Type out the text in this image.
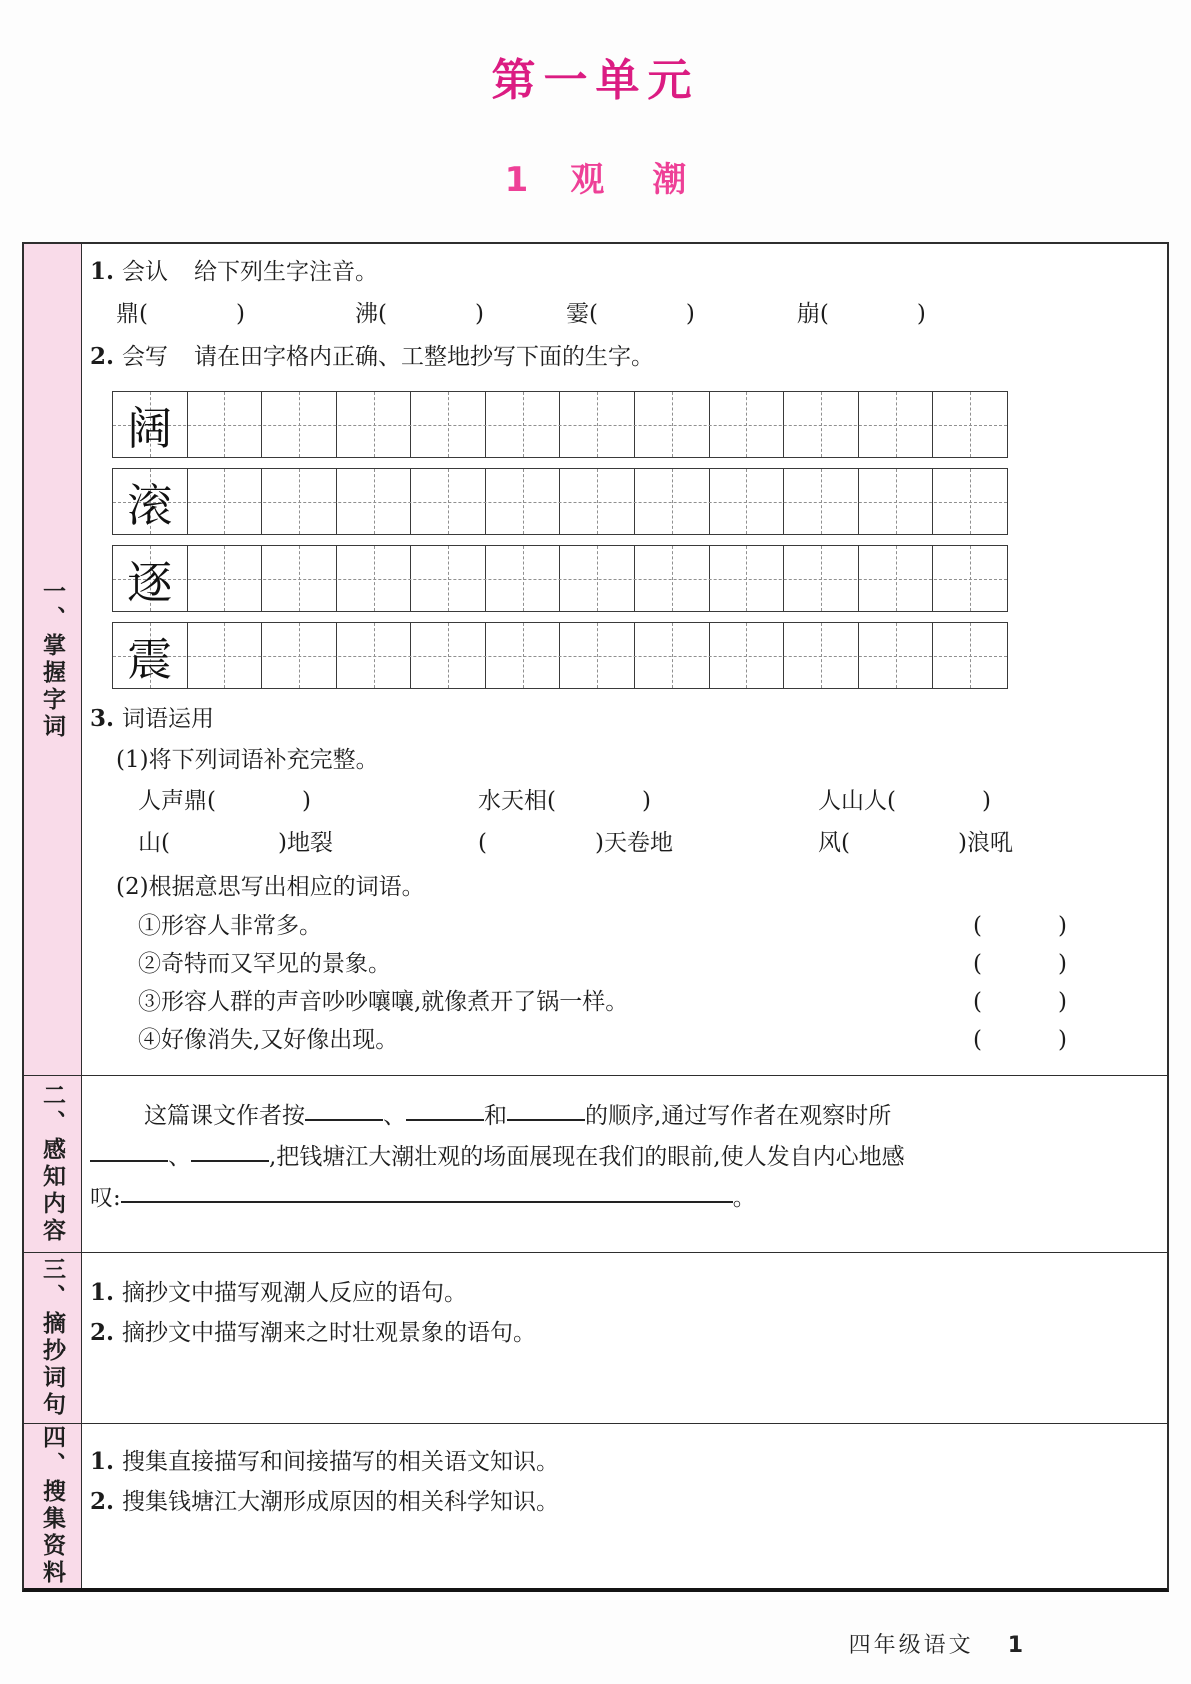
第一单元
1 观潮
一、掌握字词
1. 会认 给下列生字注音。
鼎(	)	沸(	)	霎(	)	崩(	)
2. 会写 请在田字格内正确、工整地抄写下面的生字。
阔
滚
逐
震
3. 词语运用
(1)将下列词语补充完整。
人声鼎(	)	水天相(	)	人山人(	)
山(	)地裂	(	)天卷地	风(	)浪吼
(2)根据意思写出相应的词语。
①形容人非常多。	(	)
②奇特而又罕见的景象。	(	)
③形容人群的声音吵吵嚷嚷,就像煮开了锅一样。	(	)
④好像消失,又好像出现。	(	)
二、感知内容	这篇课文作者按	、	和	的顺序,通过写作者在观察时所
、	,把钱塘江大潮壮观的场面展现在我们的眼前,使人发自内心地感
叹:	。
三、摘抄词句 1. 摘抄文中描写观潮人反应的语句。
2. 摘抄文中描写潮来之时壮观景象的语句。
四、搜集资料 1. 搜集直接描写和间接描写的相关语文知识。
2. 搜集钱塘江大潮形成原因的相关科学知识。
四年级语文 1
